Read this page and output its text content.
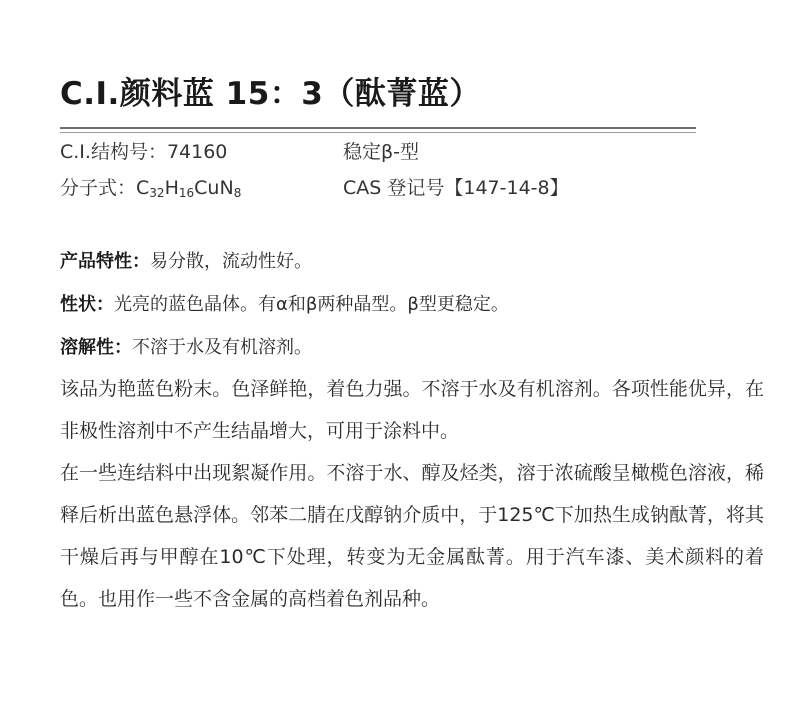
C.I.颜料蓝 15：3（酞菁蓝）
C.I.结构号：74160	稳定β-型
分子式：$C_{32}H_{16}CuN_8$	CAS 登记号【147-14-8】
产品特性：易分散，流动性好。
性状：光亮的蓝色晶体。有α和β两种晶型。β型更稳定。
溶解性：不溶于水及有机溶剂。

该品为艳蓝色粉末。色泽鲜艳，着色力强。不溶于水及有机溶剂。各项性能优异，在非极性溶剂中不产生结晶增大，可用于涂料中。

在一些连结料中出现絮凝作用。不溶于水、醇及烃类，溶于浓硫酸呈橄榄色溶液，稀释后析出蓝色悬浮体。邻苯二腈在戊醇钠介质中，于125℃下加热生成钠酞菁，将其干燥后再与甲醇在10℃下处理，转变为无金属酞菁。用于汽车漆、美术颜料的着色。也用作一些不含金属的高档着色剂品种。
